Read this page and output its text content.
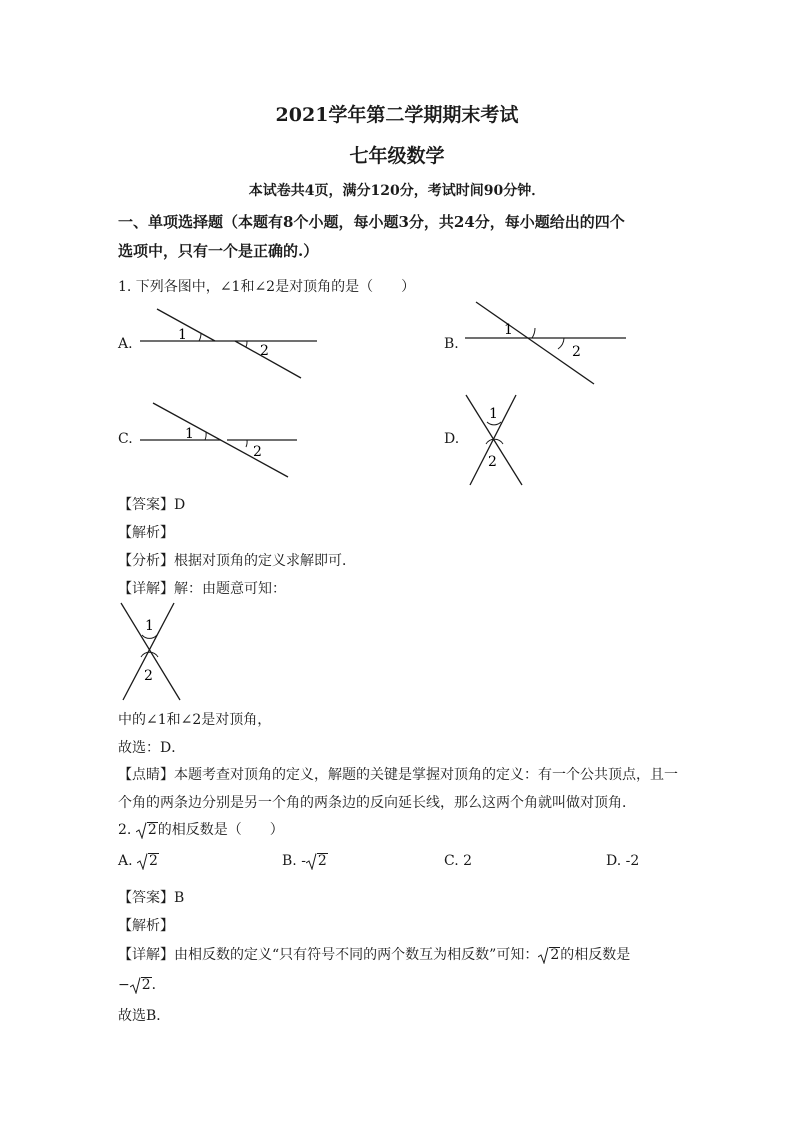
2021学年第二学期期末考试
七年级数学
本试卷共4页，满分120分，考试时间90分钟．
一、单项选择题（本题有8个小题，每小题3分，共24分，每小题给出的四个
选项中，只有一个是正确的.）
1. 下列各图中，∠1和∠2是对顶角的是（　　）
A.	B.
C.	D.
1
2
1
2
1
2
1
2
【答案】D
【解析】
【分析】根据对顶角的定义求解即可．
【详解】解：由题意可知：
1
2
中的∠1和∠2是对顶角，
故选：D．
【点睛】本题考查对顶角的定义，解题的关键是掌握对顶角的定义：有一个公共顶点，且一
个角的两条边分别是另一个角的两条边的反向延长线，那么这两个角就叫做对顶角．
2. 2的相反数是（　　）
A. 2	B. - 2	C. 2	D. -2
【答案】B
【解析】
【详解】由相反数的定义“只有符号不同的两个数互为相反数”可知： 2的相反数是
− 2．
故选B．
